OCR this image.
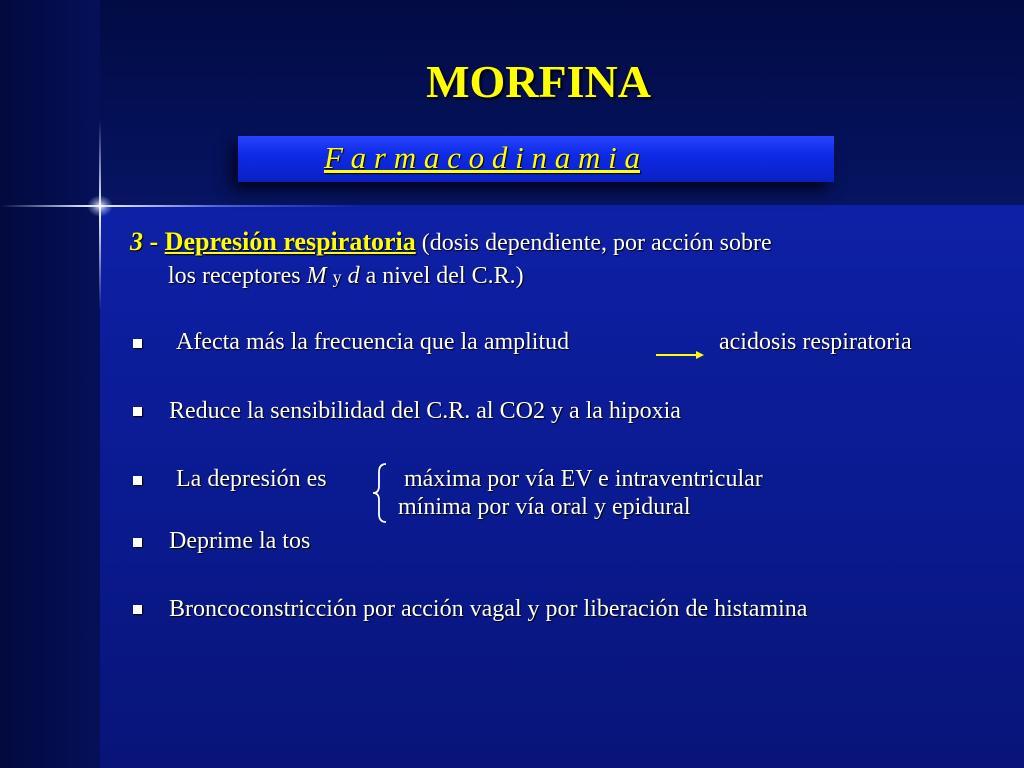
MORFINA
F a r m a c o d i n a m i a
3 - Depresión respiratoria (dosis dependiente, por acción sobre
los receptores M y d a nivel del C.R.)
Afecta más la frecuencia que la amplitud	acidosis respiratoria
Reduce la sensibilidad del C.R. al CO2 y a la hipoxia
La depresión es	máxima por vía EV e intraventricular
mínima por vía oral y epidural
Deprime la tos
Broncoconstricción por acción vagal y por liberación de histamina
